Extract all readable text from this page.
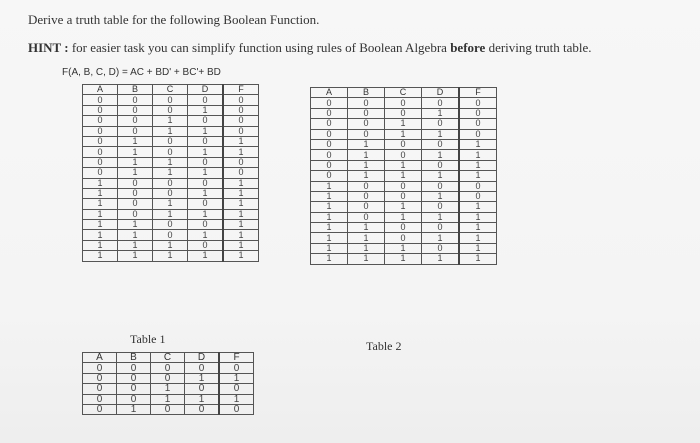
Derive a truth table for the following Boolean Function.
HINT : for easier task you can simplify function using rules of Boolean Algebra before deriving truth table.
F(A, B, C, D) = AC + BD' + BC'+ BD
A	B	C	D	F
0	0	0	0	0
0	0	0	1	0
0	0	1	0	0
0	0	1	1	0
0	1	0	0	1
0	1	0	1	1
0	1	1	0	0
0	1	1	1	0
1	0	0	0	1
1	0	0	1	1
1	0	1	0	1
1	0	1	1	1
1	1	0	0	1
1	1	0	1	1
1	1	1	0	1
1	1	1	1	1
Table 1
A	B	C	D	F
0	0	0	0	0
0	0	0	1	0
0	0	1	0	0
0	0	1	1	0
0	1	0	0	1
0	1	0	1	1
0	1	1	0	1
0	1	1	1	1
1	0	0	0	0
1	0	0	1	0
1	0	1	0	1
1	0	1	1	1
1	1	0	0	1
1	1	0	1	1
1	1	1	0	1
1	1	1	1	1
Table 2
A	B	C	D	F
0	0	0	0	0
0	0	0	1	1
0	0	1	0	0
0	0	1	1	1
0	1	0	0	0
